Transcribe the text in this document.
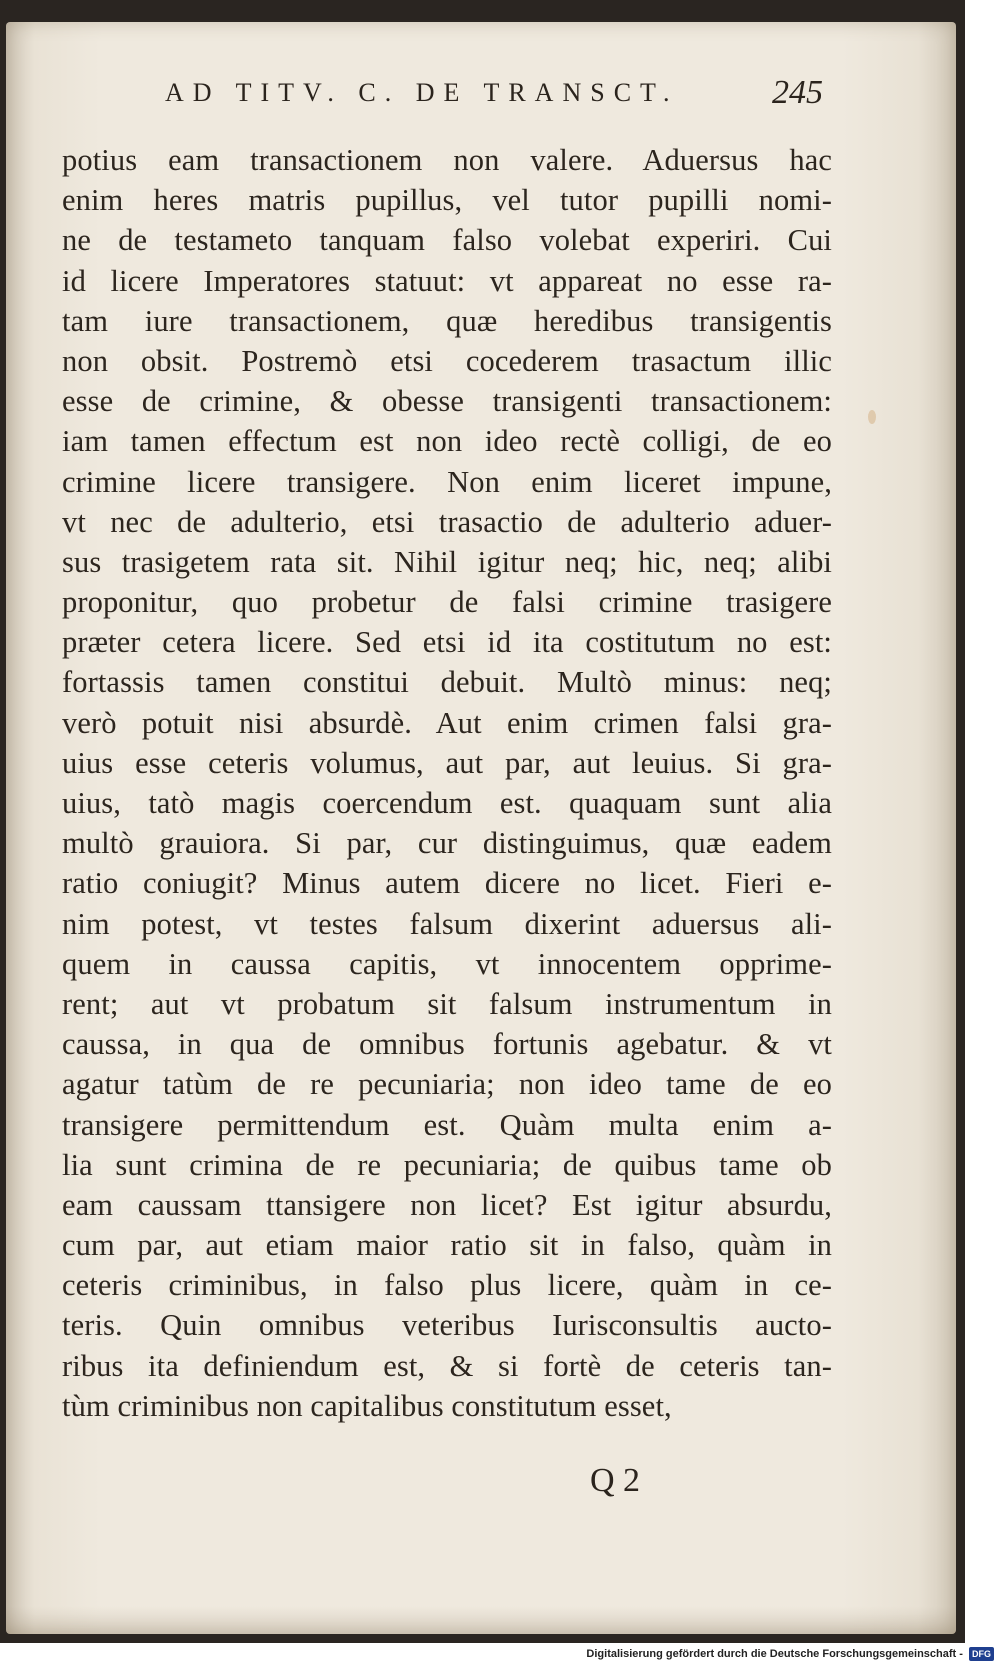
AD TITV. C. DE TRANSCT.	245
potius eam transactionem non valere. Aduersus hac
enim heres matris pupillus, vel tutor pupilli nomi-
ne de testameto tanquam falso volebat experiri. Cui
id licere Imperatores statuut: vt appareat no esse ra-
tam iure transactionem, quæ heredibus transigentis
non obsit. Postremò etsi cocederem trasactum illic
esse de crimine, & obesse transigenti transactionem:
iam tamen effectum est non ideo rectè colligi, de eo
crimine licere transigere. Non enim liceret impune,
vt nec de adulterio, etsi trasactio de adulterio aduer-
sus trasigetem rata sit. Nihil igitur neq; hic, neq; alibi
proponitur, quo probetur de falsi crimine trasigere
præter cetera licere. Sed etsi id ita costitutum no est:
fortassis tamen constitui debuit. Multò minus: neq;
verò potuit nisi absurdè. Aut enim crimen falsi gra-
uius esse ceteris volumus, aut par, aut leuius. Si gra-
uius, tatò magis coercendum est. quaquam sunt alia
multò grauiora. Si par, cur distinguimus, quæ eadem
ratio coniugit? Minus autem dicere no licet. Fieri e-
nim potest, vt testes falsum dixerint aduersus ali-
quem in caussa capitis, vt innocentem opprime-
rent; aut vt probatum sit falsum instrumentum in
caussa, in qua de omnibus fortunis agebatur. & vt
agatur tatùm de re pecuniaria; non ideo tame de eo
transigere permittendum est. Quàm multa enim a-
lia sunt crimina de re pecuniaria; de quibus tame ob
eam caussam ttansigere non licet? Est igitur absurdu,
cum par, aut etiam maior ratio sit in falso, quàm in
ceteris criminibus, in falso plus licere, quàm in ce-
teris. Quin omnibus veteribus Iurisconsultis aucto-
ribus ita definiendum est, & si fortè de ceteris tan-
tùm criminibus non capitalibus constitutum esset,
Q 2
Digitalisierung gefördert durch die Deutsche Forschungsgemeinschaft - DFG
